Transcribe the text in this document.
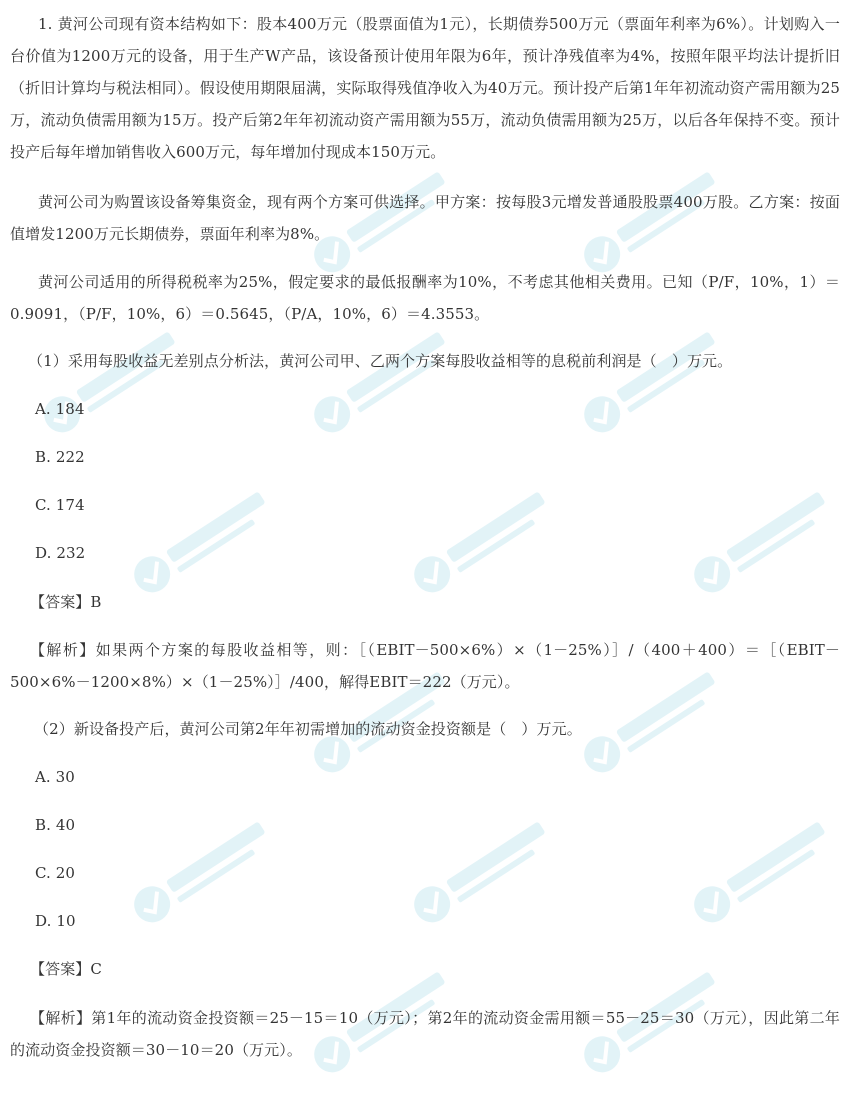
1. 黄河公司现有资本结构如下：股本400万元（股票面值为1元），长期债券500万元（票面年利率为6%）。计划购入一台价值为1200万元的设备，用于生产W产品，该设备预计使用年限为6年，预计净残值率为4%，按照年限平均法计提折旧（折旧计算均与税法相同）。假设使用期限届满，实际取得残值净收入为40万元。预计投产后第1年年初流动资产需用额为25万，流动负债需用额为15万。投产后第2年年初流动资产需用额为55万，流动负债需用额为25万，以后各年保持不变。预计投产后每年增加销售收入600万元，每年增加付现成本150万元。

黄河公司为购置该设备筹集资金，现有两个方案可供选择。甲方案：按每股3元增发普通股股票400万股。乙方案：按面值增发1200万元长期债券，票面年利率为8%。

黄河公司适用的所得税税率为25%，假定要求的最低报酬率为10%，不考虑其他相关费用。已知（P/F，10%，1）＝0.9091，（P/F，10%，6）＝0.5645，（P/A，10%，6）＝4.3553。

（1）采用每股收益无差别点分析法，黄河公司甲、乙两个方案每股收益相等的息税前利润是（　）万元。

A. 184

B. 222

C. 174

D. 232

【答案】B

【解析】如果两个方案的每股收益相等，则：［（EBIT－500×6%）×（1－25%）］/（400＋400）＝［（EBIT－500×6%－1200×8%）×（1－25%）］/400，解得EBIT＝222（万元）。

（2）新设备投产后，黄河公司第2年年初需增加的流动资金投资额是（　）万元。

A. 30

B. 40

C. 20

D. 10

【答案】C

【解析】第1年的流动资金投资额＝25－15＝10（万元）；第2年的流动资金需用额＝55－25＝30（万元），因此第二年的流动资金投资额＝30－10＝20（万元）。
